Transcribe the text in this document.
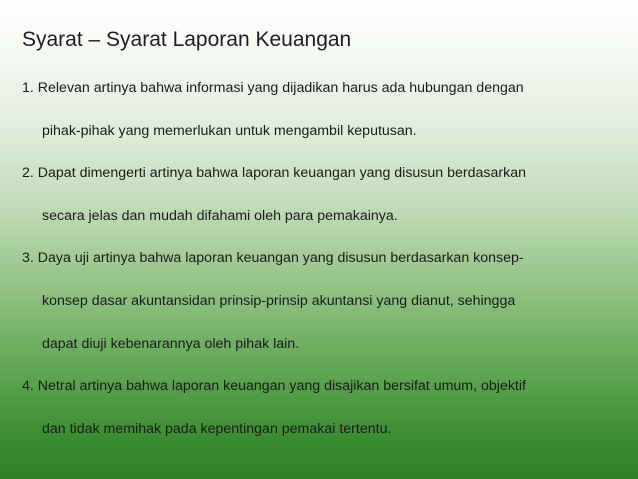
Syarat – Syarat Laporan Keuangan
1. Relevan artinya bahwa informasi yang dijadikan harus ada hubungan dengan
pihak-pihak yang memerlukan untuk mengambil keputusan.
2. Dapat dimengerti artinya bahwa laporan keuangan yang disusun berdasarkan
secara jelas dan mudah difahami oleh para pemakainya.
3. Daya uji artinya bahwa laporan keuangan yang disusun berdasarkan konsep-
konsep dasar akuntansidan prinsip-prinsip akuntansi yang dianut, sehingga
dapat diuji kebenarannya oleh pihak lain.
4. Netral artinya bahwa laporan keuangan yang disajikan bersifat umum, objektif
dan tidak memihak pada kepentingan pemakai tertentu.
